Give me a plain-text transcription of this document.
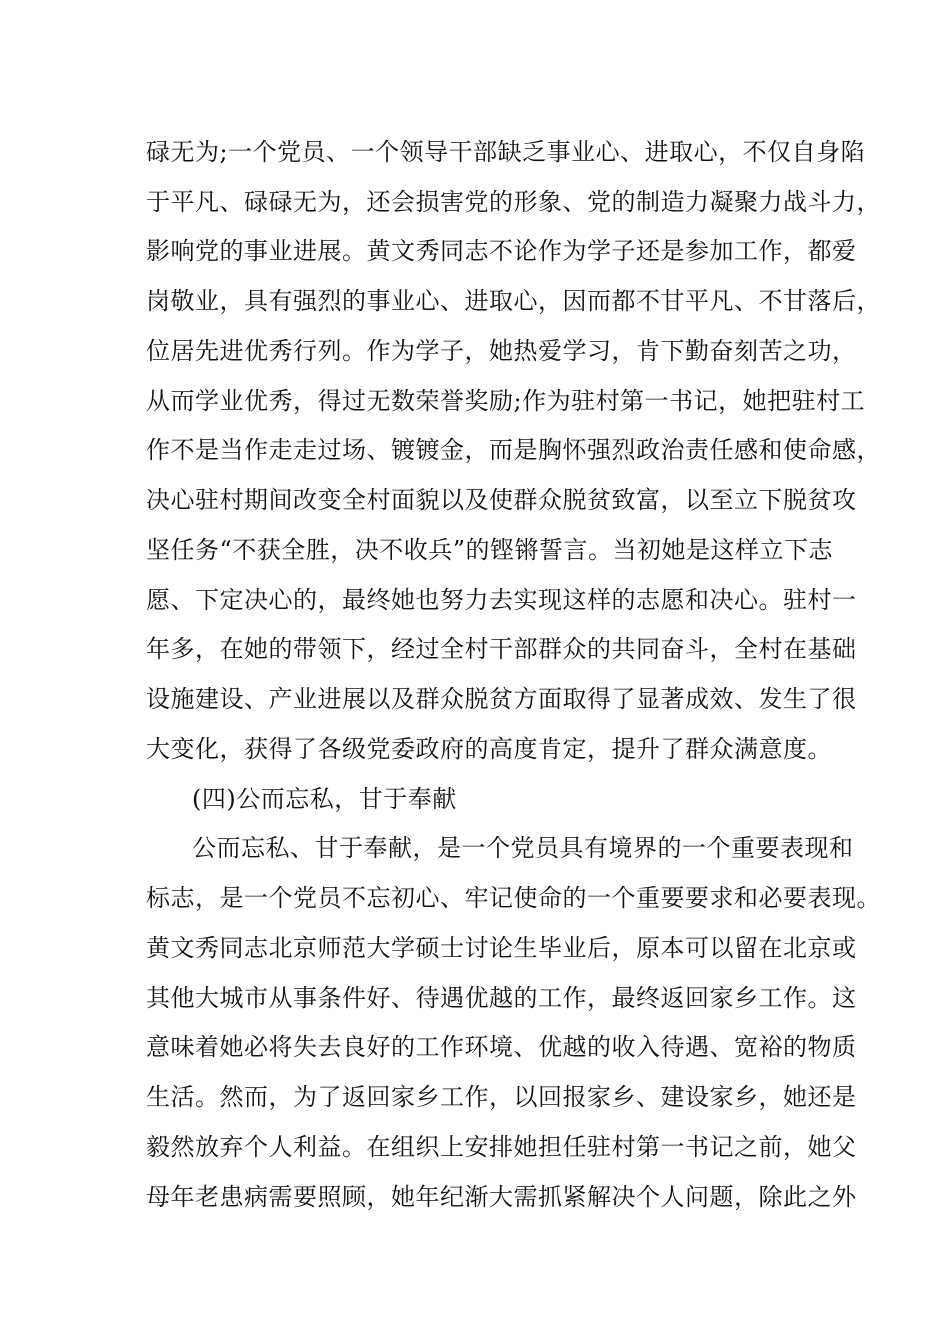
碌无为;一个党员、一个领导干部缺乏事业心、进取心，不仅自身陷
于平凡、碌碌无为，还会损害党的形象、党的制造力凝聚力战斗力，
影响党的事业进展。黄文秀同志不论作为学子还是参加工作，都爱
岗敬业，具有强烈的事业心、进取心，因而都不甘平凡、不甘落后，
位居先进优秀行列。作为学子，她热爱学习，肯下勤奋刻苦之功，
从而学业优秀，得过无数荣誉奖励;作为驻村第一书记，她把驻村工
作不是当作走走过场、镀镀金，而是胸怀强烈政治责任感和使命感，
决心驻村期间改变全村面貌以及使群众脱贫致富，以至立下脱贫攻
坚任务“不获全胜，决不收兵”的铿锵誓言。当初她是这样立下志
愿、下定决心的，最终她也努力去实现这样的志愿和决心。驻村一
年多，在她的带领下，经过全村干部群众的共同奋斗，全村在基础
设施建设、产业进展以及群众脱贫方面取得了显著成效、发生了很
大变化，获得了各级党委政府的高度肯定，提升了群众满意度。
(四)公而忘私，甘于奉献
公而忘私、甘于奉献，是一个党员具有境界的一个重要表现和
标志，是一个党员不忘初心、牢记使命的一个重要要求和必要表现。
黄文秀同志北京师范大学硕士讨论生毕业后，原本可以留在北京或
其他大城市从事条件好、待遇优越的工作，最终返回家乡工作。这
意味着她必将失去良好的工作环境、优越的收入待遇、宽裕的物质
生活。然而，为了返回家乡工作，以回报家乡、建设家乡，她还是
毅然放弃个人利益。在组织上安排她担任驻村第一书记之前，她父
母年老患病需要照顾，她年纪渐大需抓紧解决个人问题，除此之外
